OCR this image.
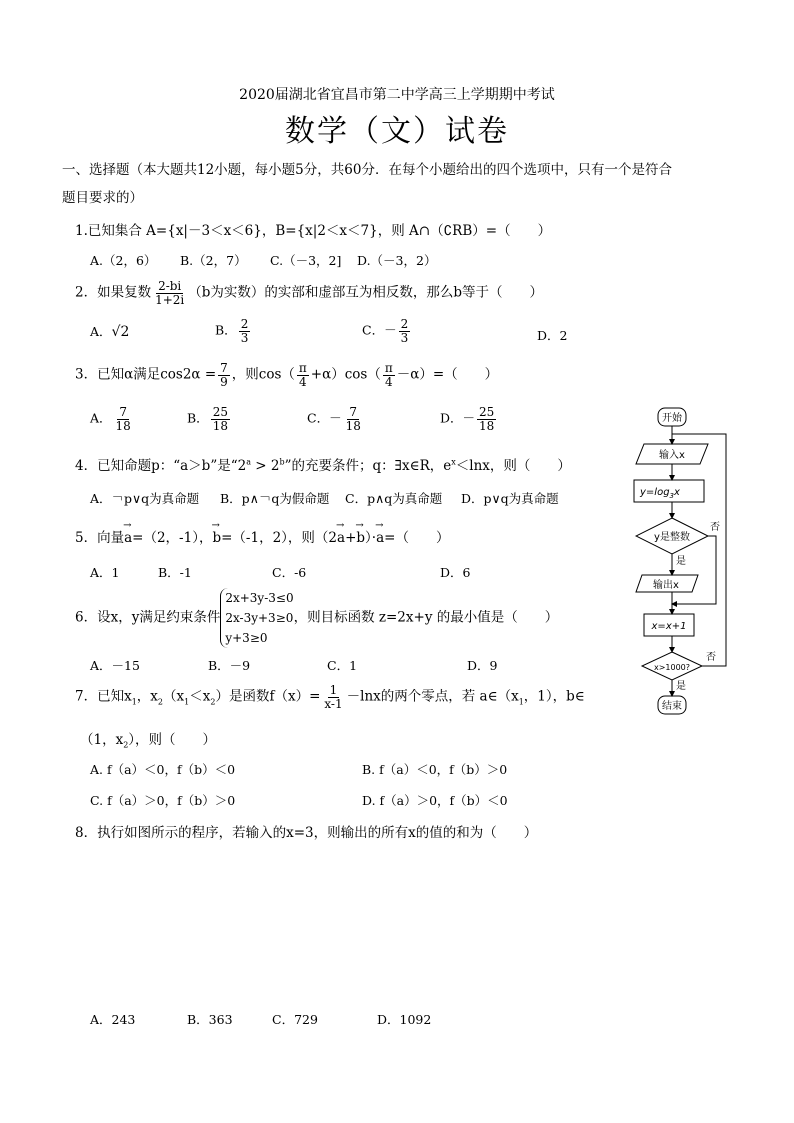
2020届湖北省宜昌市第二中学高三上学期期中考试
数学（文）试卷
一、选择题（本大题共12小题，每小题5分，共60分．在每个小题给出的四个选项中，只有一个是符合
题目要求的）
1.已知集合 A={x|－3＜x＜6}，B={x|2＜x＜7}，则 A∩（∁RB）=（　　）
A.（2，6） B.（2，7） C.（－3，2] D.（－3，2）
2．如果复数 $\frac{2-bi}{1+2i} (b$为实数）的实部和虚部互为相反数，那么b等于（　　）
A．√2	B． $\frac{2}{3}$	C．－ $\frac{2}{3}$	D．2
3．已知α满足$\cos 2\alpha = \frac{7}{9}$ ，则$\cos( \frac{\pi}{4} +\alpha)\cos( \frac{\pi}{4} -\alpha)=$（　　）
A． $\frac{7}{18}$	B． $\frac{25}{18}$	C．－ $\frac{7}{18}$	D．－ $\frac{25}{18}$
4．已知命题p：“a＞b”是“$2^a > 2^b$”的充要条件；q：∃x∈R，$e^x<\ln x$，则（　　）
A．￢p∨q为真命题 B．p∧￢q为假命题 C．p∧q为真命题 D．p∨q为真命题
5．向量→ a=（2，-1），→ b=（-1，2），则（2→ a+→ b）·→ a=（　　）
A．1	B．-1	C．-6	D．6
6．设x，y满足约束条件
2x+3y-3≤0
2x-3y+3≥0
y+3≥0
，则目标函数 z=2x+y 的最小值是（　　）
A．－15	B．－9	C．1	D．9
7．已知$x_1$，$x_2(x_1<x_2)$是函数$f(x)= \frac{1}{x-1} -\ln x$的两个零点，若 $a\in(x_1$，1），b∈
（1，$x_2$），则（　　）
A. f（a）＜0，f（b）＜0	B. f（a）＜0，f（b）＞0
C. f（a）＞0，f（b）＞0	D. f（a）＞0，f（b）＜0
8．执行如图所示的程序，若输入的x=3，则输出的所有x的值的和为（　　）
A．243	B．363	C．729	D．1092
开始
输入x
$y=\log_3x$
y是整数
否
是
输出x
x=x+1
x>1000?
否
是
结束
